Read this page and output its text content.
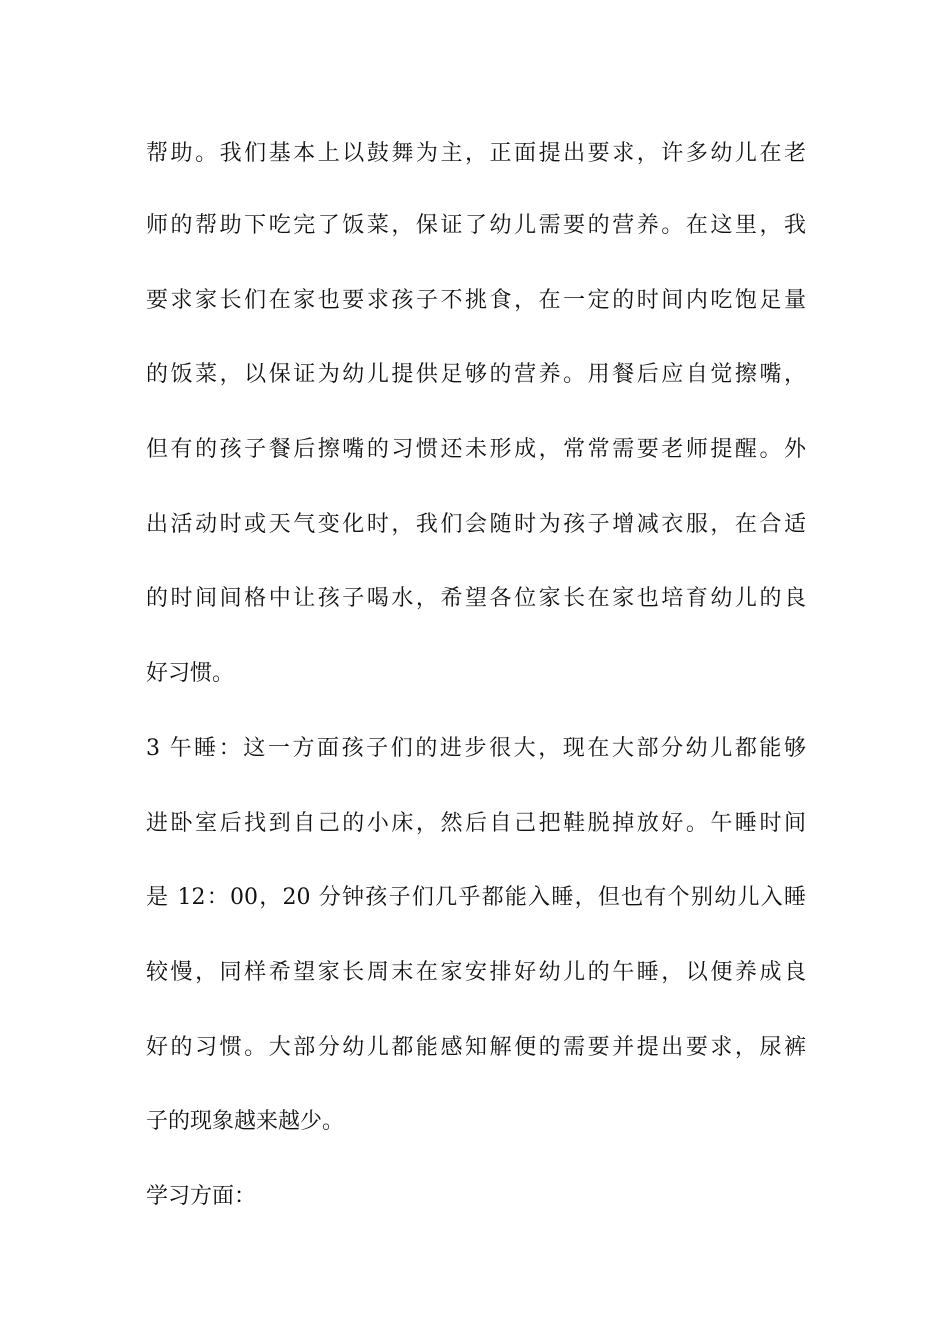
帮助。我们基本上以鼓舞为主，正面提出要求，许多幼儿在老
师的帮助下吃完了饭菜，保证了幼儿需要的营养。在这里，我
要求家长们在家也要求孩子不挑食，在一定的时间内吃饱足量
的饭菜，以保证为幼儿提供足够的营养。用餐后应自觉擦嘴，
但有的孩子餐后擦嘴的习惯还未形成，常常需要老师提醒。外
出活动时或天气变化时，我们会随时为孩子增减衣服，在合适
的时间间格中让孩子喝水，希望各位家长在家也培育幼儿的良
好习惯。
3 午睡：这一方面孩子们的进步很大，现在大部分幼儿都能够
进卧室后找到自己的小床，然后自己把鞋脱掉放好。午睡时间
是 12：00，20 分钟孩子们几乎都能入睡，但也有个别幼儿入睡
较慢，同样希望家长周末在家安排好幼儿的午睡，以便养成良
好的习惯。大部分幼儿都能感知解便的需要并提出要求，尿裤
子的现象越来越少。
学习方面：
